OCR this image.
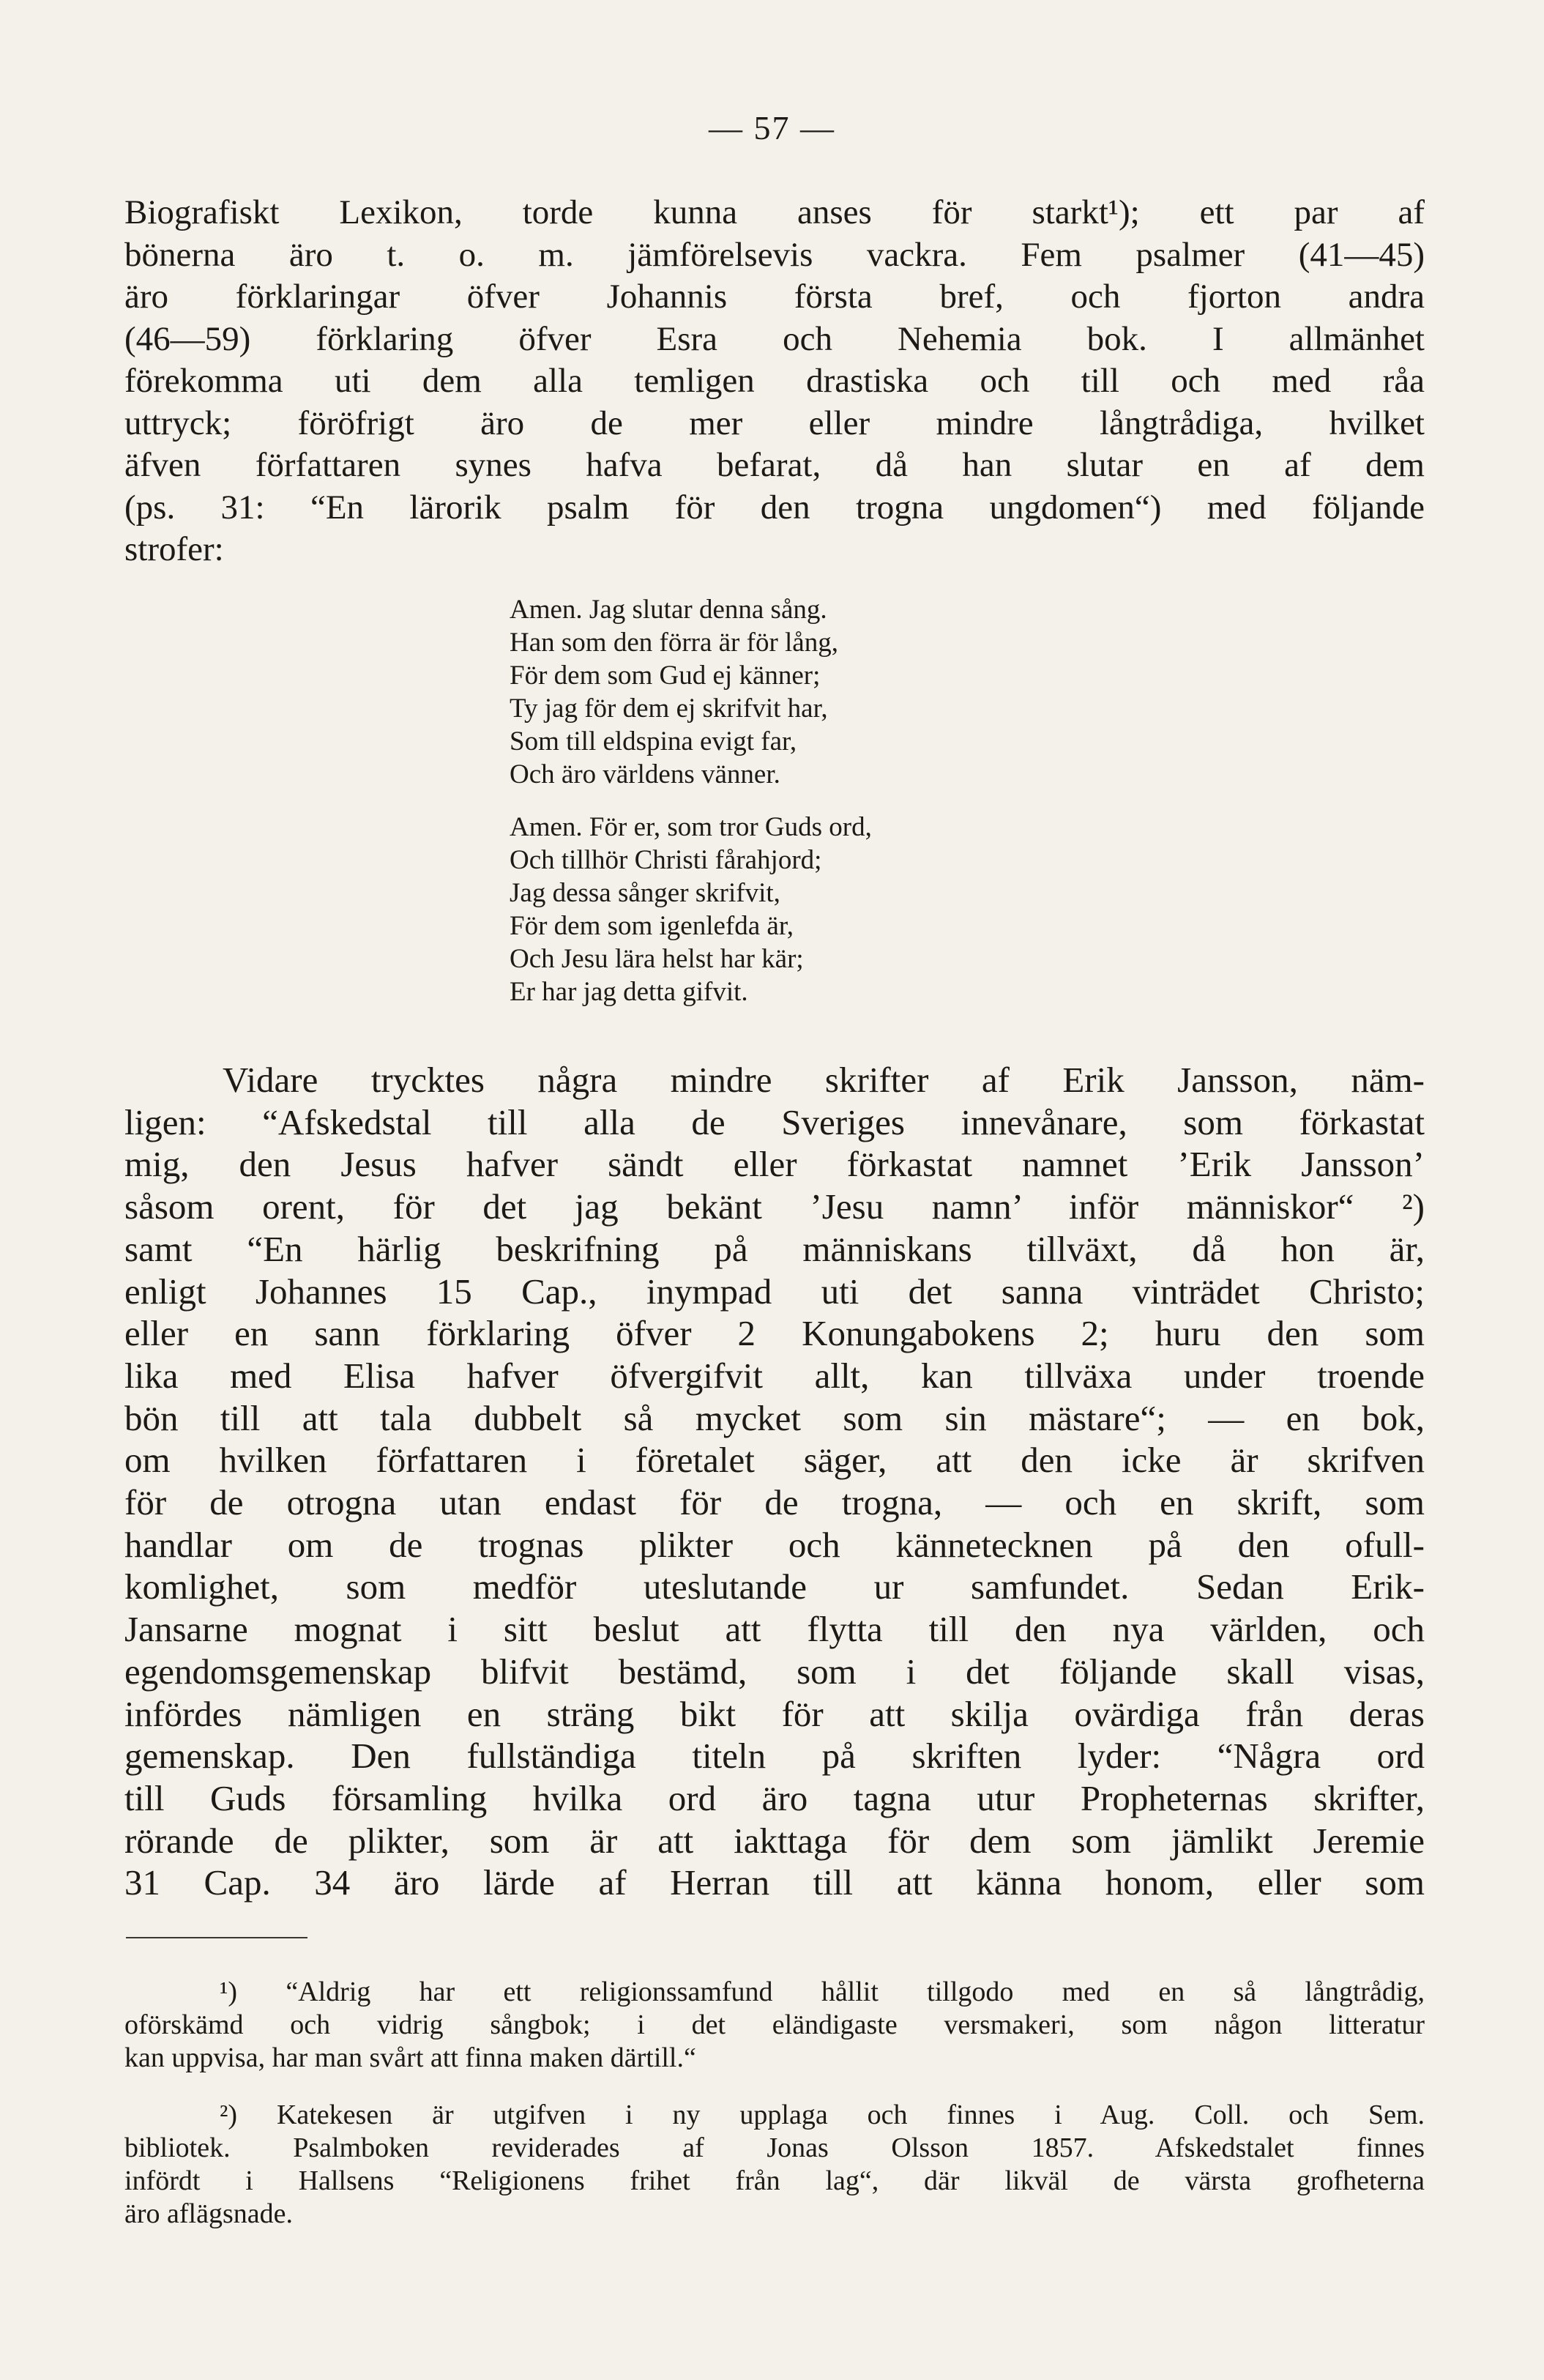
— 57 —
Biografiskt Lexikon, torde kunna anses för starkt¹); ett par af
bönerna äro t. o. m. jämförelsevis vackra. Fem psalmer (41—45)
äro förklaringar öfver Johannis första bref, och fjorton andra
(46—59) förklaring öfver Esra och Nehemia bok. I allmänhet
förekomma uti dem alla temligen drastiska och till och med råa
uttryck; föröfrigt äro de mer eller mindre långtrådiga, hvilket
äfven författaren synes hafva befarat, då han slutar en af dem
(ps. 31: “En lärorik psalm för den trogna ungdomen“) med följande
strofer:
Amen. Jag slutar denna sång.
Han som den förra är för lång,
För dem som Gud ej känner;
Ty jag för dem ej skrifvit har,
Som till eldspina evigt far,
Och äro världens vänner.
Amen. För er, som tror Guds ord,
Och tillhör Christi fårahjord;
Jag dessa sånger skrifvit,
För dem som igenlefda är,
Och Jesu lära helst har kär;
Er har jag detta gifvit.
Vidare trycktes några mindre skrifter af Erik Jansson, näm-
ligen: “Afskedstal till alla de Sveriges innevånare, som förkastat
mig, den Jesus hafver sändt eller förkastat namnet ’Erik Jansson’
såsom orent, för det jag bekänt ’Jesu namn’ inför människor“ ²)
samt “En härlig beskrifning på människans tillväxt, då hon är,
enligt Johannes 15 Cap., inympad uti det sanna vinträdet Christo;
eller en sann förklaring öfver 2 Konungabokens 2; huru den som
lika med Elisa hafver öfvergifvit allt, kan tillväxa under troende
bön till att tala dubbelt så mycket som sin mästare“; — en bok,
om hvilken författaren i företalet säger, att den icke är skrifven
för de otrogna utan endast för de trogna, — och en skrift, som
handlar om de trognas plikter och kännetecknen på den ofull-
komlighet, som medför uteslutande ur samfundet. Sedan Erik-
Jansarne mognat i sitt beslut att flytta till den nya världen, och
egendomsgemenskap blifvit bestämd, som i det följande skall visas,
infördes nämligen en sträng bikt för att skilja ovärdiga från deras
gemenskap. Den fullständiga titeln på skriften lyder: “Några ord
till Guds församling hvilka ord äro tagna utur Propheternas skrifter,
rörande de plikter, som är att iakttaga för dem som jämlikt Jeremie
31 Cap. 34 äro lärde af Herran till att känna honom, eller som
¹) “Aldrig har ett religionssamfund hållit tillgodo med en så långtrådig,
oförskämd och vidrig sångbok; i det eländigaste versmakeri, som någon litteratur
kan uppvisa, har man svårt att finna maken därtill.“
²) Katekesen är utgifven i ny upplaga och finnes i Aug. Coll. och Sem.
bibliotek. Psalmboken reviderades af Jonas Olsson 1857. Afskedstalet finnes
infördt i Hallsens “Religionens frihet från lag“, där likväl de värsta grofheterna
äro aflägsnade.
